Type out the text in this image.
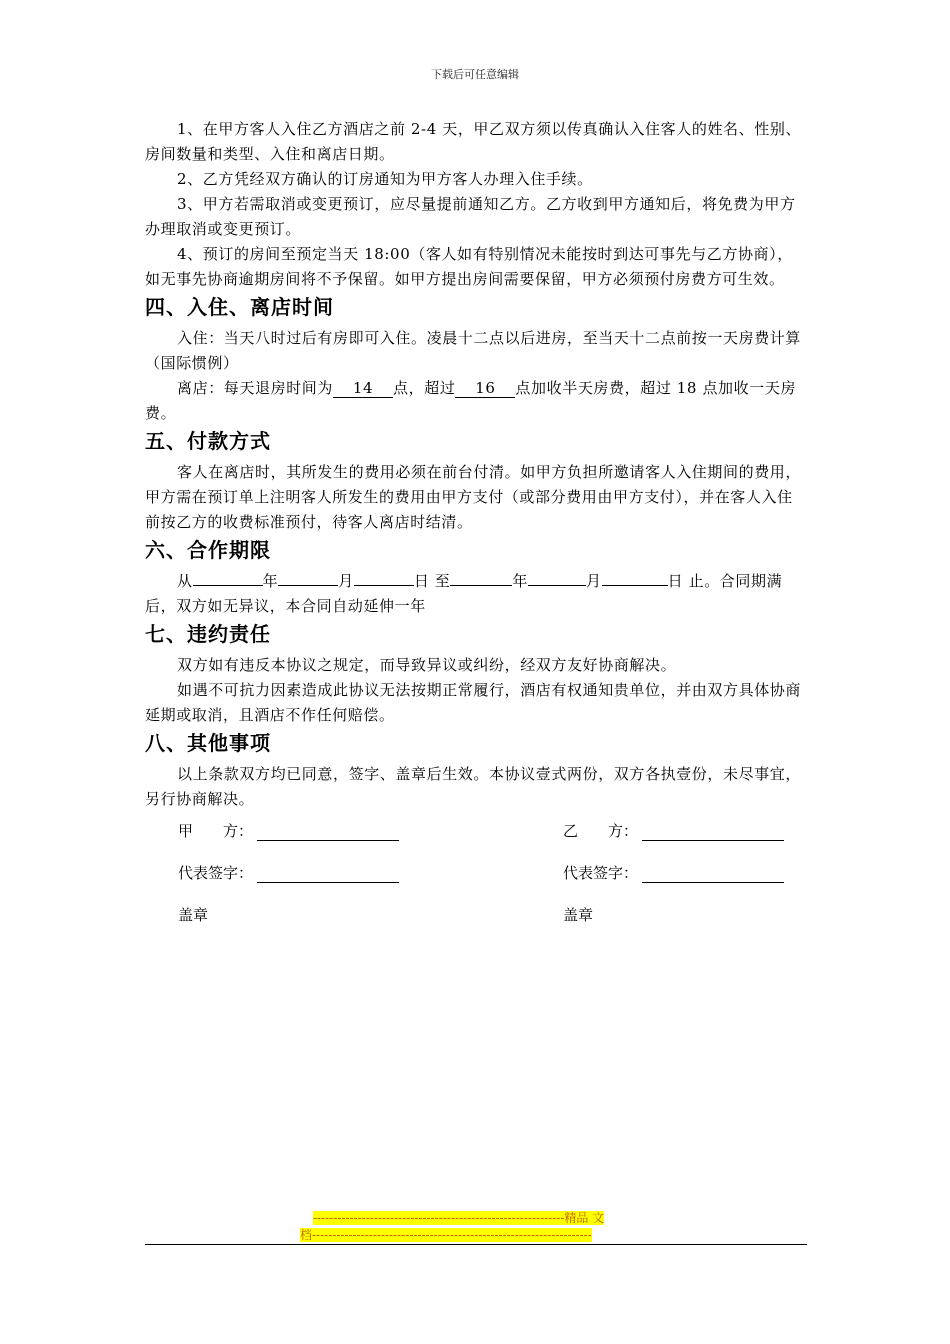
下载后可任意编辑

1、在甲方客人入住乙方酒店之前 2-4 天，甲乙双方须以传真确认入住客人的姓名、性别、房间数量和类型、入住和离店日期。

2、乙方凭经双方确认的订房通知为甲方客人办理入住手续。

3、甲方若需取消或变更预订，应尽量提前通知乙方。乙方收到甲方通知后，将免费为甲方办理取消或变更预订。

4、预订的房间至预定当天 18:00（客人如有特别情况未能按时到达可事先与乙方协商），如无事先协商逾期房间将不予保留。如甲方提出房间需要保留，甲方必须预付房费方可生效。

四、入住、离店时间

入住：当天八时过后有房即可入住。凌晨十二点以后进房，至当天十二点前按一天房费计算（国际惯例）

离店：每天退房时间为 14 点，超过 16 点加收半天房费，超过 18 点加收一天房费。

五、付款方式

客人在离店时，其所发生的费用必须在前台付清。如甲方负担所邀请客人入住期间的费用，甲方需在预订单上注明客人所发生的费用由甲方支付（或部分费用由甲方支付），并在客人入住前按乙方的收费标准预付，待客人离店时结清。

六、合作期限

从	年	月	日 至	年	月	日 止。合同期满

后，双方如无异议，本合同自动延伸一年

七、违约责任

双方如有违反本协议之规定，而导致异议或纠纷，经双方友好协商解决。

如遇不可抗力因素造成此协议无法按期正常履行，酒店有权通知贵单位，并由双方具体协商延期或取消，且酒店不作任何赔偿。

八、其他事项

以上条款双方均已同意，签字、盖章后生效。本协议壹式两份，双方各执壹份，未尽事宜，另行协商解决。

甲　　方：	乙　　方：
代表签字：	代表签字：
盖章	盖章
--------------------------------------------------------------精品 文
档---------------------------------------------------------------------
